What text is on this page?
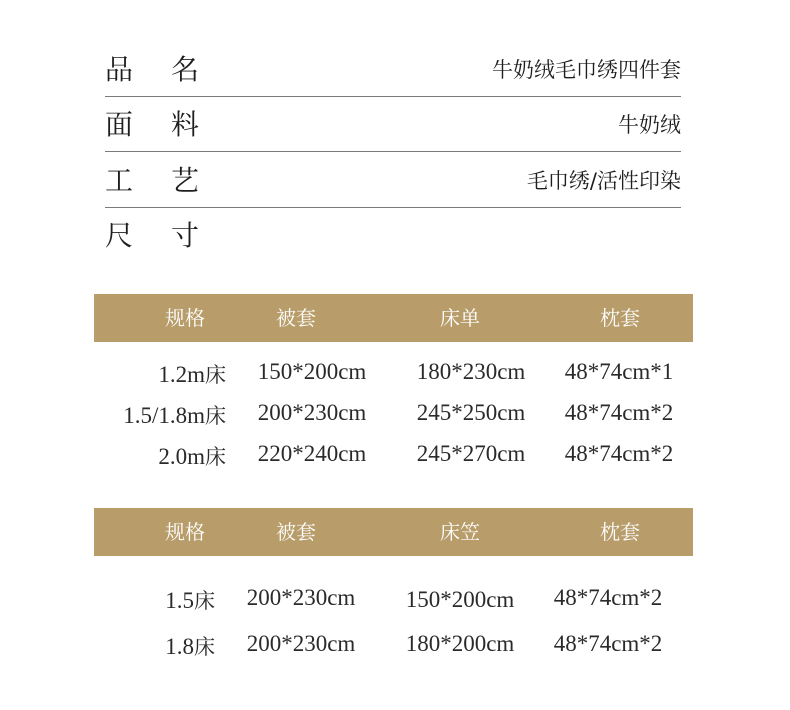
品 名	牛奶绒毛巾绣四件套
面 料	牛奶绒
工 艺	毛巾绣/活性印染
尺 寸
规格	被套	床单	枕套
1.2m床 150*200cm 180*230cm 48*74cm*1
1.5/1.8m床 200*230cm 245*250cm 48*74cm*2
2.0m床 220*240cm 245*270cm 48*74cm*2
规格	被套	床笠	枕套
1.5床 200*230cm 150*200cm 48*74cm*2
1.8床 200*230cm 180*200cm 48*74cm*2
